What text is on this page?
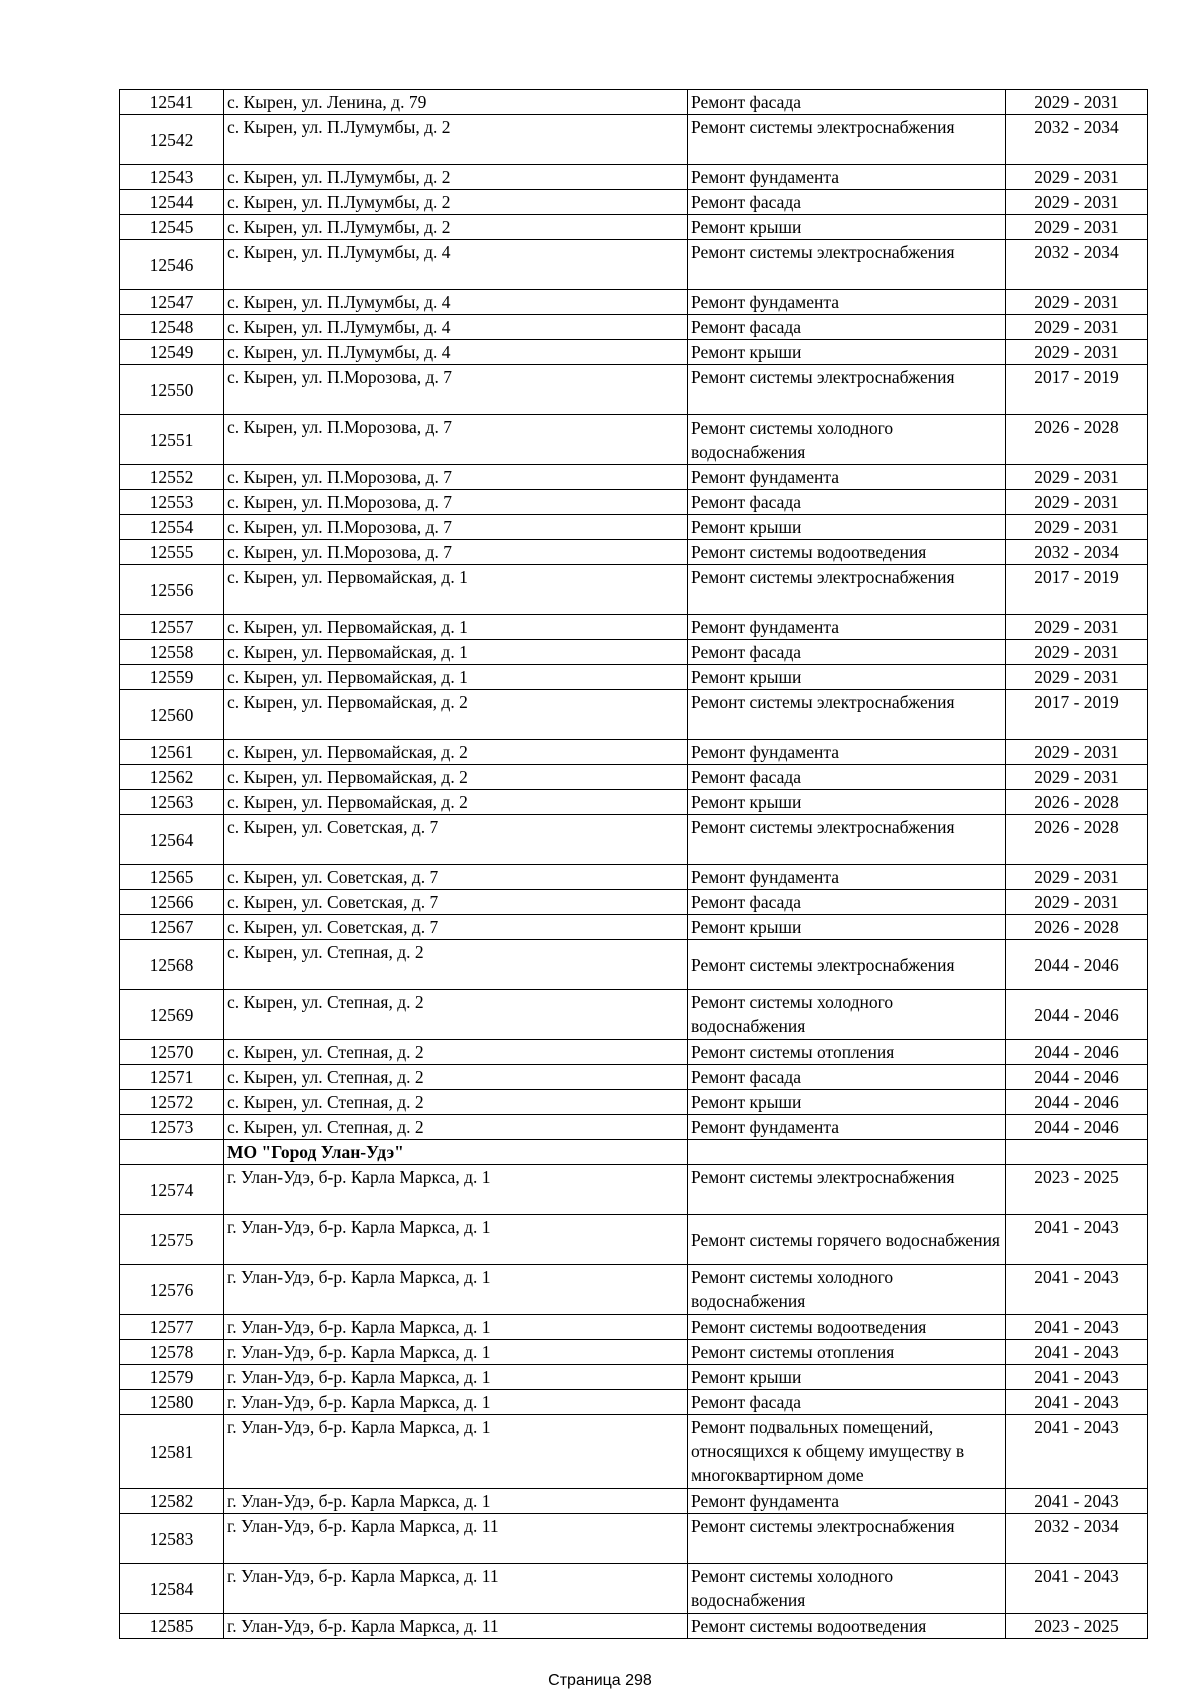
12541	с. Кырен, ул. Ленина, д. 79	Ремонт фасада	2029 - 2031
12542	с. Кырен, ул. П.Лумумбы, д. 2	Ремонт системы электроснабжения	2032 - 2034
12543	с. Кырен, ул. П.Лумумбы, д. 2	Ремонт фундамента	2029 - 2031
12544	с. Кырен, ул. П.Лумумбы, д. 2	Ремонт фасада	2029 - 2031
12545	с. Кырен, ул. П.Лумумбы, д. 2	Ремонт крыши	2029 - 2031
12546	с. Кырен, ул. П.Лумумбы, д. 4	Ремонт системы электроснабжения	2032 - 2034
12547	с. Кырен, ул. П.Лумумбы, д. 4	Ремонт фундамента	2029 - 2031
12548	с. Кырен, ул. П.Лумумбы, д. 4	Ремонт фасада	2029 - 2031
12549	с. Кырен, ул. П.Лумумбы, д. 4	Ремонт крыши	2029 - 2031
12550	с. Кырен, ул. П.Морозова, д. 7	Ремонт системы электроснабжения	2017 - 2019
12551	с. Кырен, ул. П.Морозова, д. 7	Ремонт системы холодного водоснабжения	2026 - 2028
12552	с. Кырен, ул. П.Морозова, д. 7	Ремонт фундамента	2029 - 2031
12553	с. Кырен, ул. П.Морозова, д. 7	Ремонт фасада	2029 - 2031
12554	с. Кырен, ул. П.Морозова, д. 7	Ремонт крыши	2029 - 2031
12555	с. Кырен, ул. П.Морозова, д. 7	Ремонт системы водоотведения	2032 - 2034
12556	с. Кырен, ул. Первомайская, д. 1	Ремонт системы электроснабжения	2017 - 2019
12557	с. Кырен, ул. Первомайская, д. 1	Ремонт фундамента	2029 - 2031
12558	с. Кырен, ул. Первомайская, д. 1	Ремонт фасада	2029 - 2031
12559	с. Кырен, ул. Первомайская, д. 1	Ремонт крыши	2029 - 2031
12560	с. Кырен, ул. Первомайская, д. 2	Ремонт системы электроснабжения	2017 - 2019
12561	с. Кырен, ул. Первомайская, д. 2	Ремонт фундамента	2029 - 2031
12562	с. Кырен, ул. Первомайская, д. 2	Ремонт фасада	2029 - 2031
12563	с. Кырен, ул. Первомайская, д. 2	Ремонт крыши	2026 - 2028
12564	с. Кырен, ул. Советская, д. 7	Ремонт системы электроснабжения	2026 - 2028
12565	с. Кырен, ул. Советская, д. 7	Ремонт фундамента	2029 - 2031
12566	с. Кырен, ул. Советская, д. 7	Ремонт фасада	2029 - 2031
12567	с. Кырен, ул. Советская, д. 7	Ремонт крыши	2026 - 2028
12568	с. Кырен, ул. Степная, д. 2	Ремонт системы электроснабжения	2044 - 2046
12569	с. Кырен, ул. Степная, д. 2	Ремонт системы холодного водоснабжения	2044 - 2046
12570	с. Кырен, ул. Степная, д. 2	Ремонт системы отопления	2044 - 2046
12571	с. Кырен, ул. Степная, д. 2	Ремонт фасада	2044 - 2046
12572	с. Кырен, ул. Степная, д. 2	Ремонт крыши	2044 - 2046
12573	с. Кырен, ул. Степная, д. 2	Ремонт фундамента	2044 - 2046
	МО "Город Улан-Удэ"		
12574	г. Улан-Удэ, б-р. Карла Маркса, д. 1	Ремонт системы электроснабжения	2023 - 2025
12575	г. Улан-Удэ, б-р. Карла Маркса, д. 1	Ремонт системы горячего водоснабжения	2041 - 2043
12576	г. Улан-Удэ, б-р. Карла Маркса, д. 1	Ремонт системы холодного водоснабжения	2041 - 2043
12577	г. Улан-Удэ, б-р. Карла Маркса, д. 1	Ремонт системы водоотведения	2041 - 2043
12578	г. Улан-Удэ, б-р. Карла Маркса, д. 1	Ремонт системы отопления	2041 - 2043
12579	г. Улан-Удэ, б-р. Карла Маркса, д. 1	Ремонт крыши	2041 - 2043
12580	г. Улан-Удэ, б-р. Карла Маркса, д. 1	Ремонт фасада	2041 - 2043
12581	г. Улан-Удэ, б-р. Карла Маркса, д. 1	Ремонт подвальных помещений, относящихся к общему имуществу в многоквартирном доме	2041 - 2043
12582	г. Улан-Удэ, б-р. Карла Маркса, д. 1	Ремонт фундамента	2041 - 2043
12583	г. Улан-Удэ, б-р. Карла Маркса, д. 11	Ремонт системы электроснабжения	2032 - 2034
12584	г. Улан-Удэ, б-р. Карла Маркса, д. 11	Ремонт системы холодного водоснабжения	2041 - 2043
12585	г. Улан-Удэ, б-р. Карла Маркса, д. 11	Ремонт системы водоотведения	2023 - 2025
Страница 298
